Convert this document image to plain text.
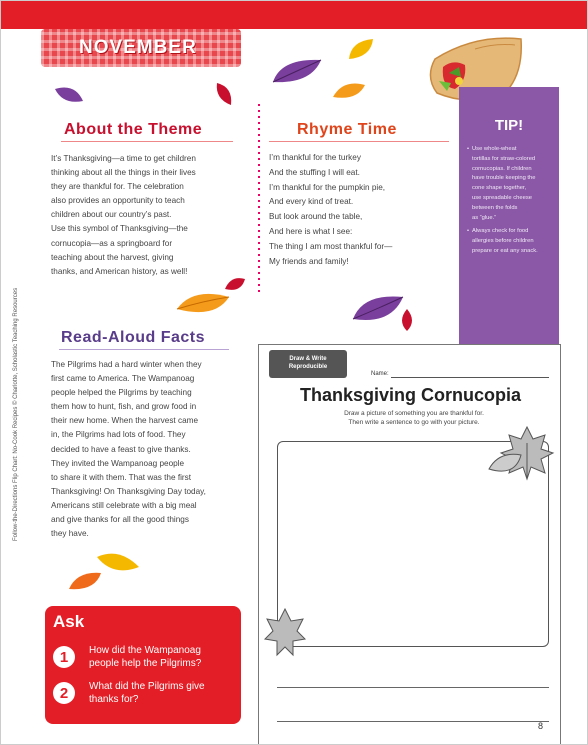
NOVEMBER
About the Theme
It’s Thanksgiving—a time to get children
thinking about all the things in their lives
they are thankful for. The celebration
also provides an opportunity to teach
children about our country’s past.
Use this symbol of Thanksgiving—the
cornucopia—as a springboard for
teaching about the harvest, giving
thanks, and American history, as well!
Rhyme Time
I’m thankful for the turkey
And the stuffing I will eat.
I’m thankful for the pumpkin pie,
And every kind of treat.
But look around the table,
And here is what I see:
The thing I am most thankful for—
My friends and family!
TIP!
• Use whole-wheat
tortillas for straw-colored
cornucopias. If children
have trouble keeping the
cone shape together,
use spreadable cheese
between the folds
as “glue.”
• Always check for food
allergies before children
prepare or eat any snack.
Read-Aloud Facts
The Pilgrims had a hard winter when they
first came to America. The Wampanoag
people helped the Pilgrims by teaching
them how to hunt, fish, and grow food in
their new home. When the harvest came
in, the Pilgrims had lots of food. They
decided to have a feast to give thanks.
They invited the Wampanoag people
to share it with them. That was the first
Thanksgiving! On Thanksgiving Day today,
Americans still celebrate with a big meal
and give thanks for all the good things
they have.
Ask
1	How did the Wampanoag
people help the Pilgrims?
2	What did the Pilgrims give
thanks for?
Draw & Write
Reproducible
Name:
Thanksgiving Cornucopia
Draw a picture of something you are thankful for.
Then write a sentence to go with your picture.
Follow-the-Directions Flip Chart: No-Cook Recipes © Charlotte, Scholastic Teaching Resources
8
